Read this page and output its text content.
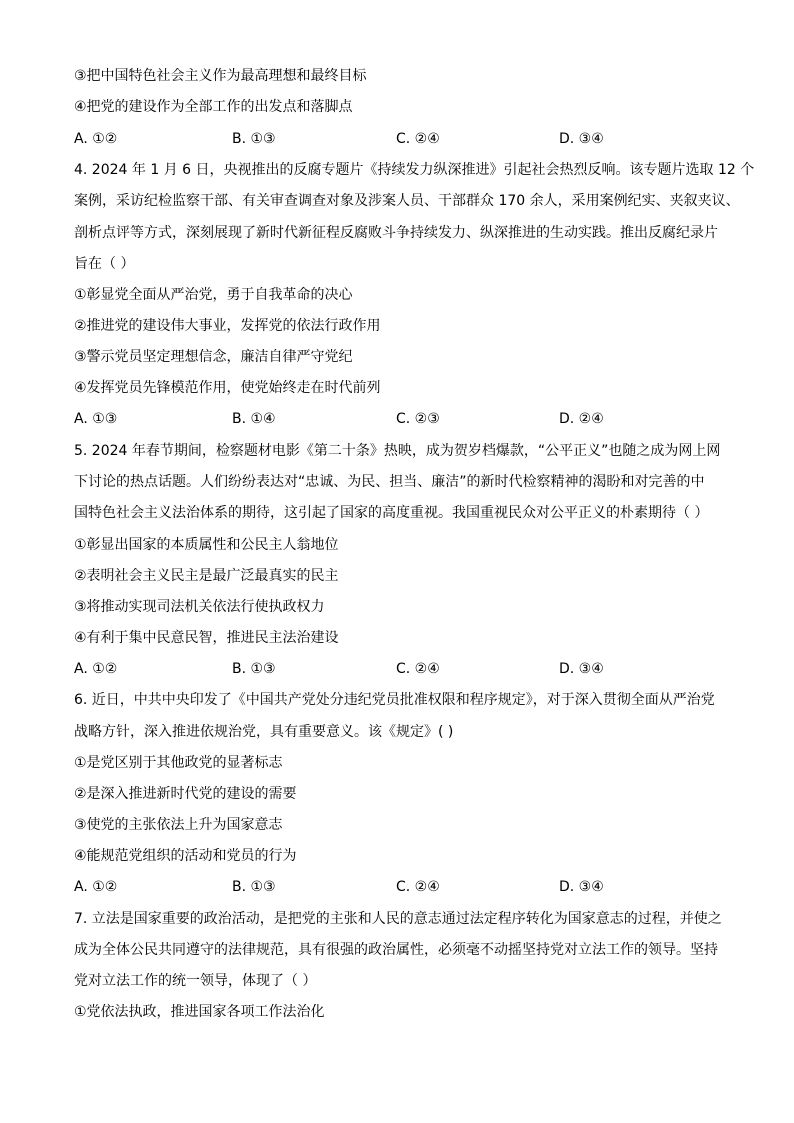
③把中国特色社会主义作为最高理想和最终目标
④把党的建设作为全部工作的出发点和落脚点
A. ①②	B. ①③	C. ②④	D. ③④
4. 2024 年 1 月 6 日，央视推出的反腐专题片《持续发力纵深推进》引起社会热烈反响。该专题片选取 12 个
案例，采访纪检监察干部、有关审查调查对象及涉案人员、干部群众 170 余人，采用案例纪实、夹叙夹议、
剖析点评等方式，深刻展现了新时代新征程反腐败斗争持续发力、纵深推进的生动实践。推出反腐纪录片
旨在（ ）
①彰显党全面从严治党，勇于自我革命的决心
②推进党的建设伟大事业，发挥党的依法行政作用
③警示党员坚定理想信念，廉洁自律严守党纪
④发挥党员先锋模范作用，使党始终走在时代前列
A. ①③	B. ①④	C. ②③	D. ②④
5. 2024 年春节期间，检察题材电影《第二十条》热映，成为贺岁档爆款，“公平正义”也随之成为网上网
下讨论的热点话题。人们纷纷表达对“忠诚、为民、担当、廉洁”的新时代检察精神的渴盼和对完善的中
国特色社会主义法治体系的期待，这引起了国家的高度重视。我国重视民众对公平正义的朴素期待（ ）
①彰显出国家的本质属性和公民主人翁地位
②表明社会主义民主是最广泛最真实的民主
③将推动实现司法机关依法行使执政权力
④有利于集中民意民智，推进民主法治建设
A. ①②	B. ①③	C. ②④	D. ③④
6. 近日，中共中央印发了《中国共产党处分违纪党员批准权限和程序规定》，对于深入贯彻全面从严治党
战略方针，深入推进依规治党，具有重要意义。该《规定》( )
①是党区别于其他政党的显著标志
②是深入推进新时代党的建设的需要
③使党的主张依法上升为国家意志
④能规范党组织的活动和党员的行为
A. ①②	B. ①③	C. ②④	D. ③④
7. 立法是国家重要的政治活动，是把党的主张和人民的意志通过法定程序转化为国家意志的过程，并使之
成为全体公民共同遵守的法律规范，具有很强的政治属性，必须毫不动摇坚持党对立法工作的领导。坚持
党对立法工作的统一领导，体现了（ ）
①党依法执政，推进国家各项工作法治化
